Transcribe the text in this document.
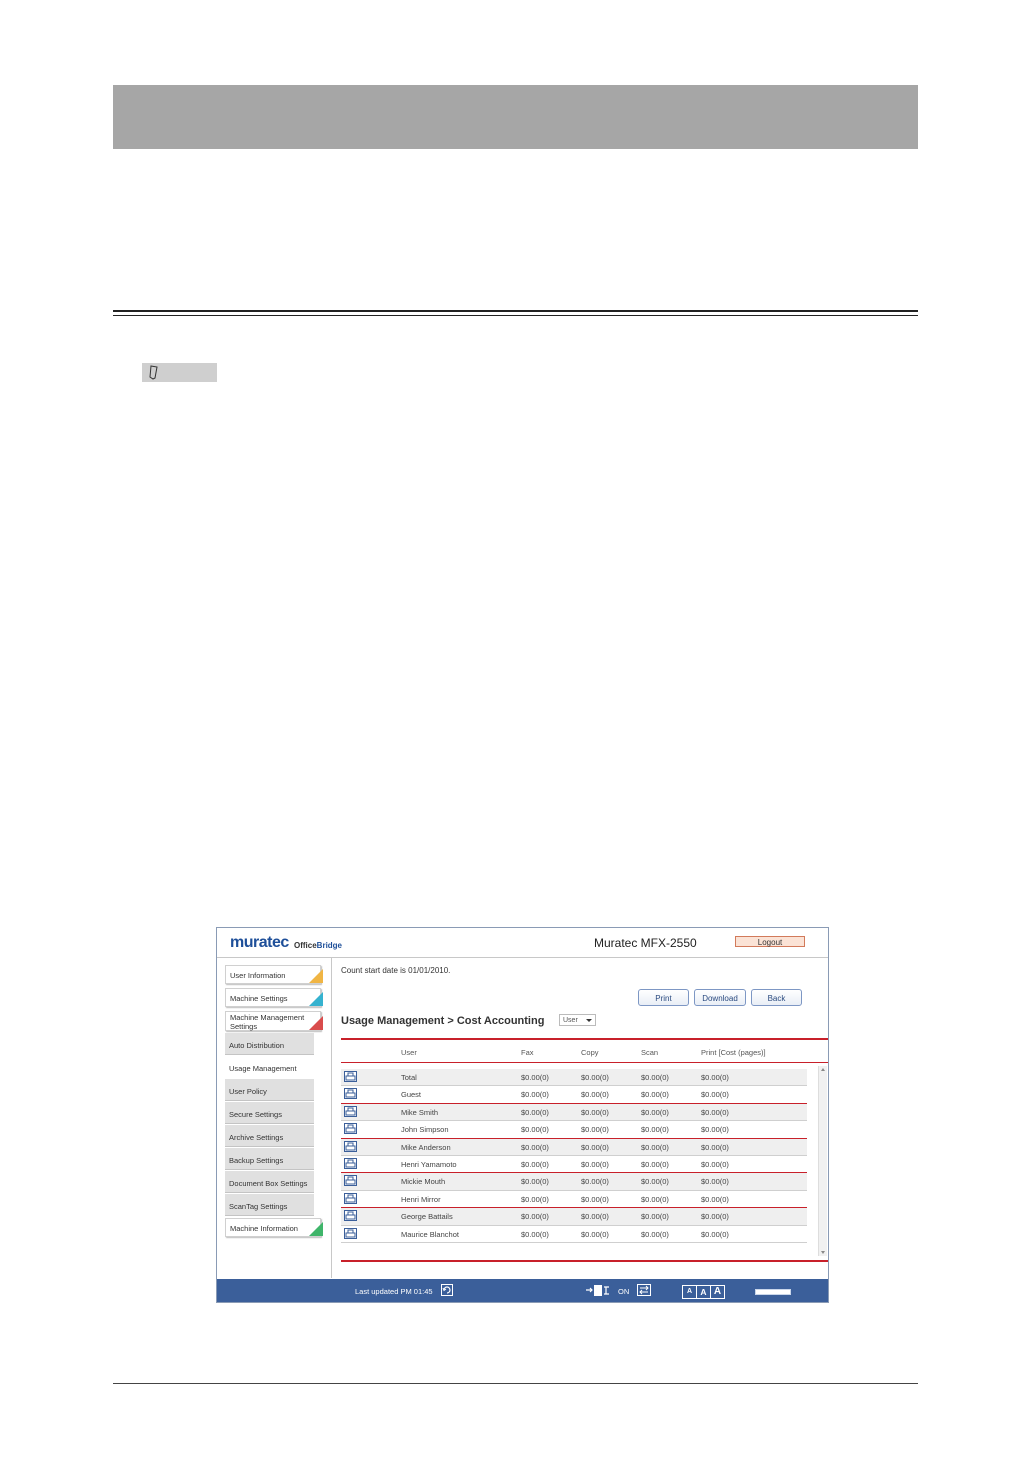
muratec OfficeBridge	Muratec MFX-2550	Logout
User Information
Machine Settings
Machine Management Settings
Auto Distribution
Usage Management
User Policy
Secure Settings
Archive Settings
Backup Settings
Document Box Settings
ScanTag Settings
Machine Information
Count start date is 01/01/2010.
Print	Download	Back
Usage Management > Cost Accounting	User
User	Fax	Copy	Scan	Print [Cost (pages)]
Total	$0.00(0)	$0.00(0)	$0.00(0)	$0.00(0)
Guest	$0.00(0)	$0.00(0)	$0.00(0)	$0.00(0)
Mike Smith	$0.00(0)	$0.00(0)	$0.00(0)	$0.00(0)
John Simpson	$0.00(0)	$0.00(0)	$0.00(0)	$0.00(0)
Mike Anderson	$0.00(0)	$0.00(0)	$0.00(0)	$0.00(0)
Henri Yamamoto	$0.00(0)	$0.00(0)	$0.00(0)	$0.00(0)
Mickie Mouth	$0.00(0)	$0.00(0)	$0.00(0)	$0.00(0)
Henri Mirror	$0.00(0)	$0.00(0)	$0.00(0)	$0.00(0)
George Battails	$0.00(0)	$0.00(0)	$0.00(0)	$0.00(0)
Maurice Blanchot	$0.00(0)	$0.00(0)	$0.00(0)	$0.00(0)
Last updated PM 01:45	ON	A A A
